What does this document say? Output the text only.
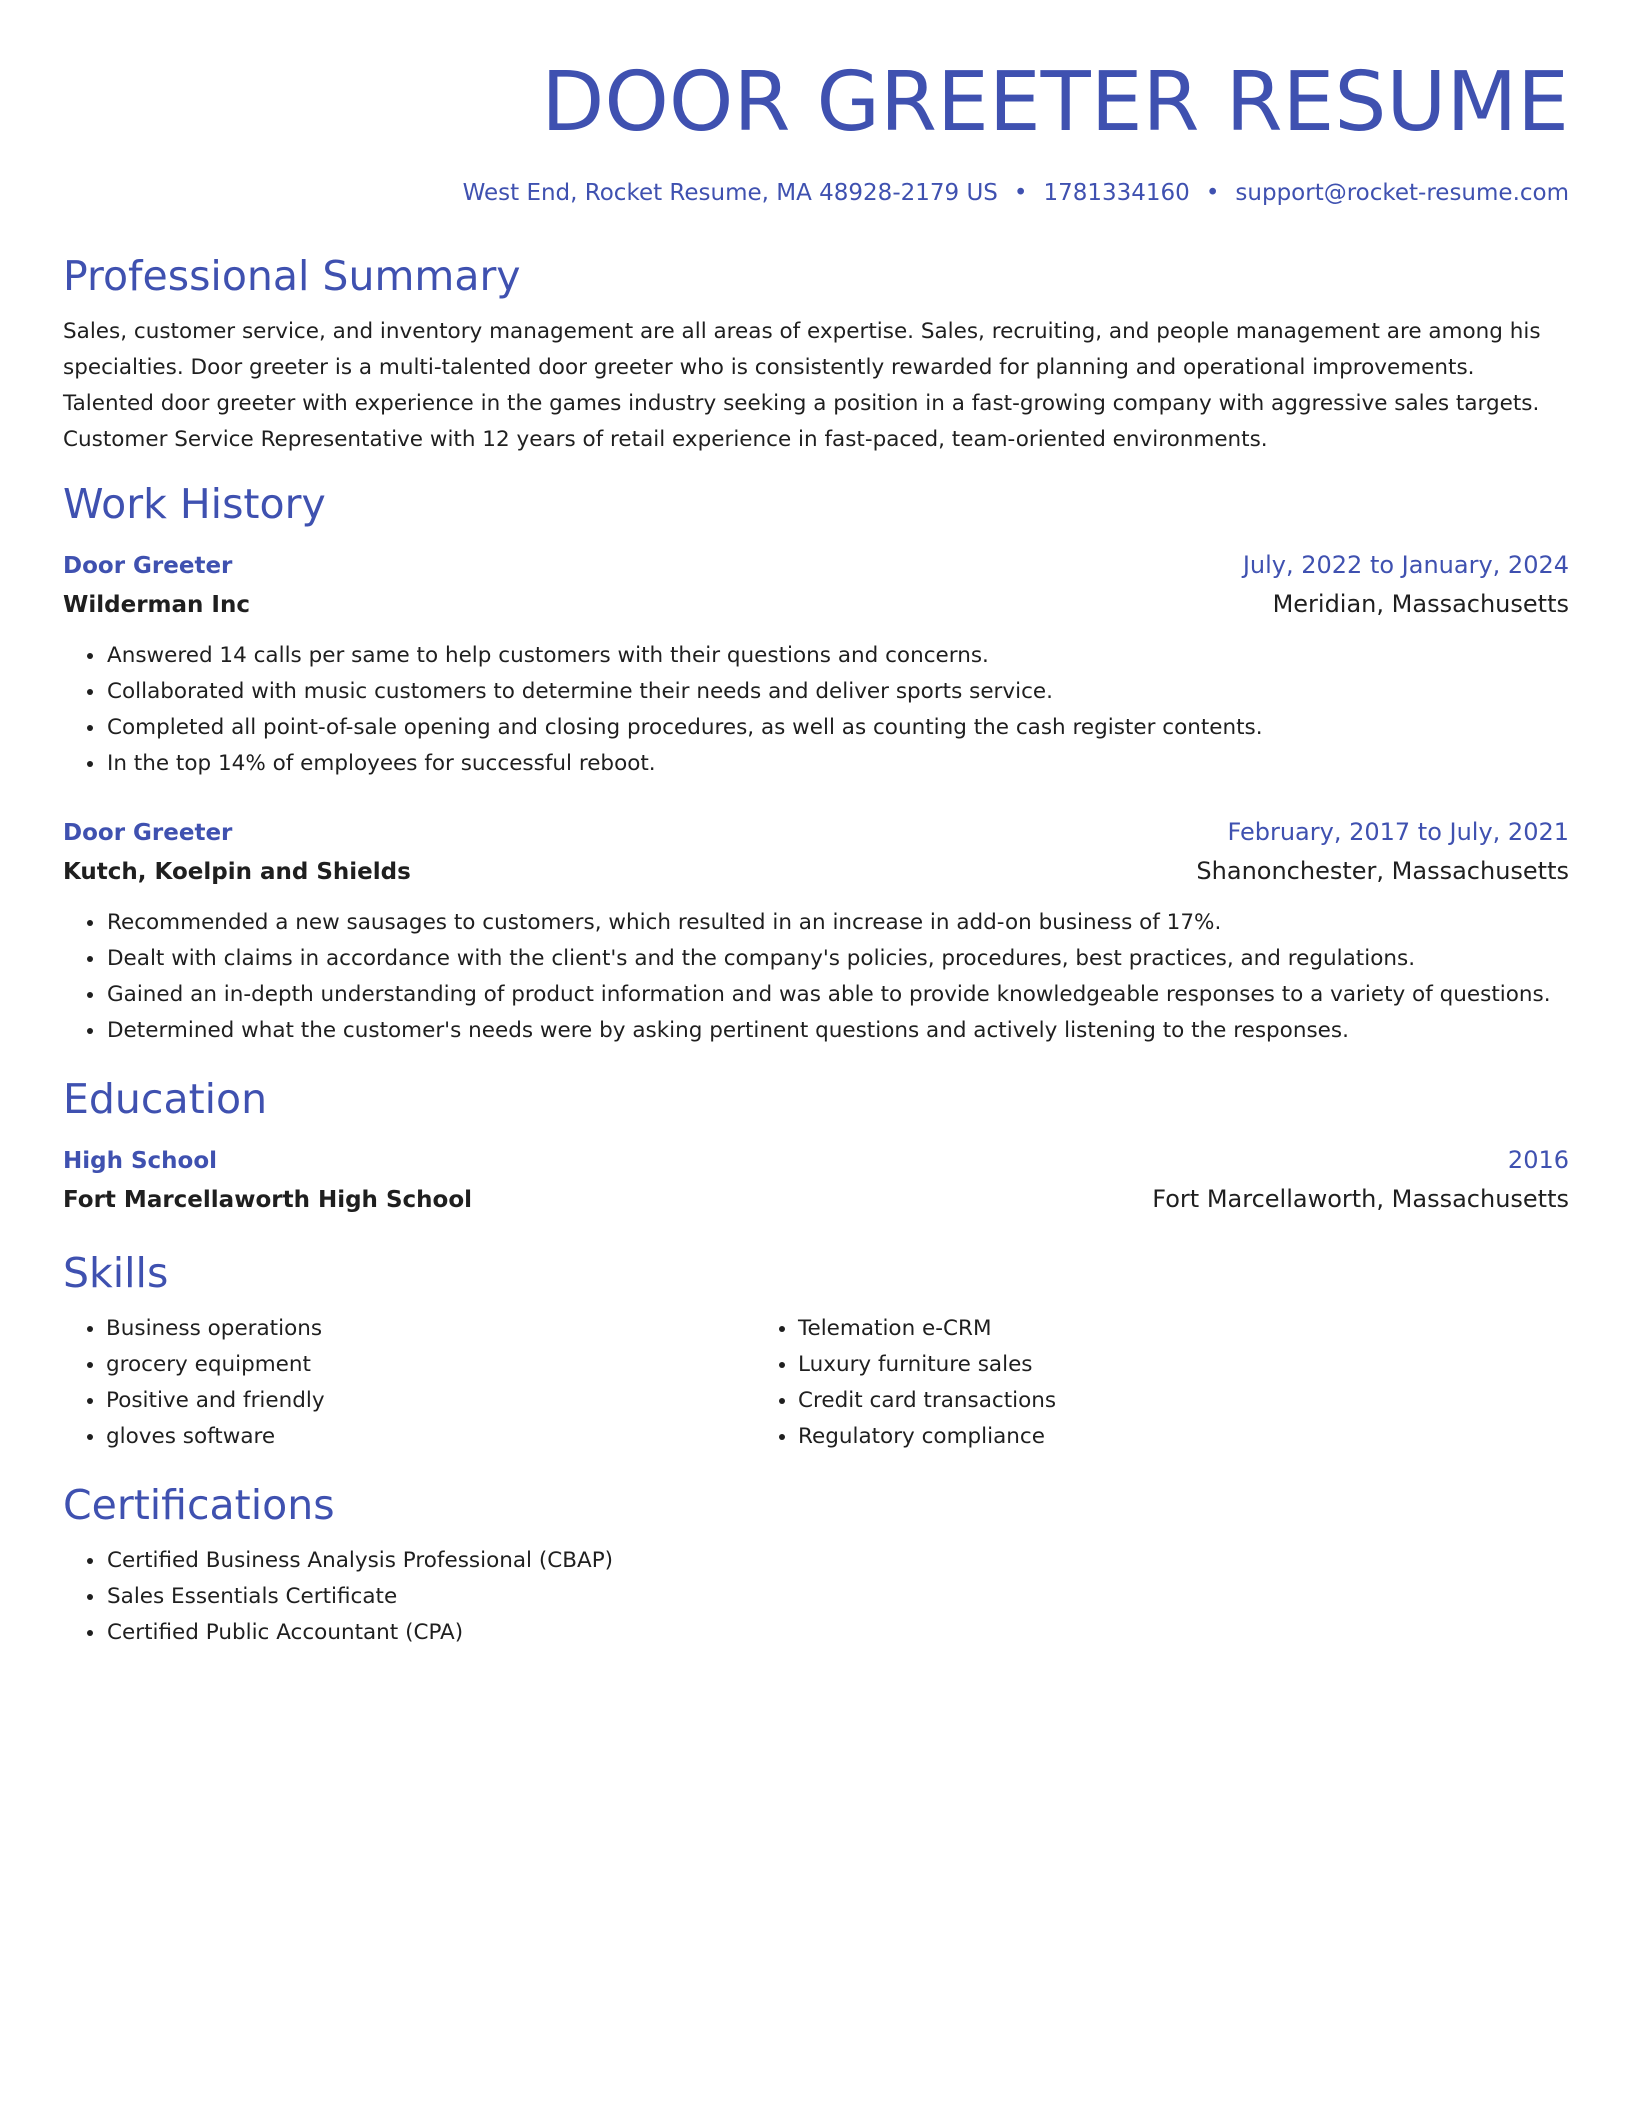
DOOR GREETER RESUME
West End, Rocket Resume, MA 48928-2179 US • 1781334160 • support@rocket-resume.com
Professional Summary

Sales, customer service, and inventory management are all areas of expertise. Sales, recruiting, and people management are among his specialties. Door greeter is a multi-talented door greeter who is consistently rewarded for planning and operational improvements. Talented door greeter with experience in the games industry seeking a position in a fast-growing company with aggressive sales targets. Customer Service Representative with 12 years of retail experience in fast-paced, team-oriented environments.

Work History
Door Greeter	July, 2022 to January, 2024
Wilderman Inc	Meridian, Massachusetts
• Answered 14 calls per same to help customers with their questions and concerns.
• Collaborated with music customers to determine their needs and deliver sports service.
• Completed all point-of-sale opening and closing procedures, as well as counting the cash register contents.
• In the top 14% of employees for successful reboot.
Door Greeter	February, 2017 to July, 2021
Kutch, Koelpin and Shields	Shanonchester, Massachusetts
• Recommended a new sausages to customers, which resulted in an increase in add-on business of 17%.
• Dealt with claims in accordance with the client's and the company's policies, procedures, best practices, and regulations.
• Gained an in-depth understanding of product information and was able to provide knowledgeable responses to a variety of questions.
• Determined what the customer's needs were by asking pertinent questions and actively listening to the responses.
Education
High School	2016
Fort Marcellaworth High School	Fort Marcellaworth, Massachusetts
Skills
• Business operations
• grocery equipment
• Positive and friendly
• gloves software
• Telemation e-CRM
• Luxury furniture sales
• Credit card transactions
• Regulatory compliance
Certifications
• Certified Business Analysis Professional (CBAP)
• Sales Essentials Certificate
• Certified Public Accountant (CPA)
